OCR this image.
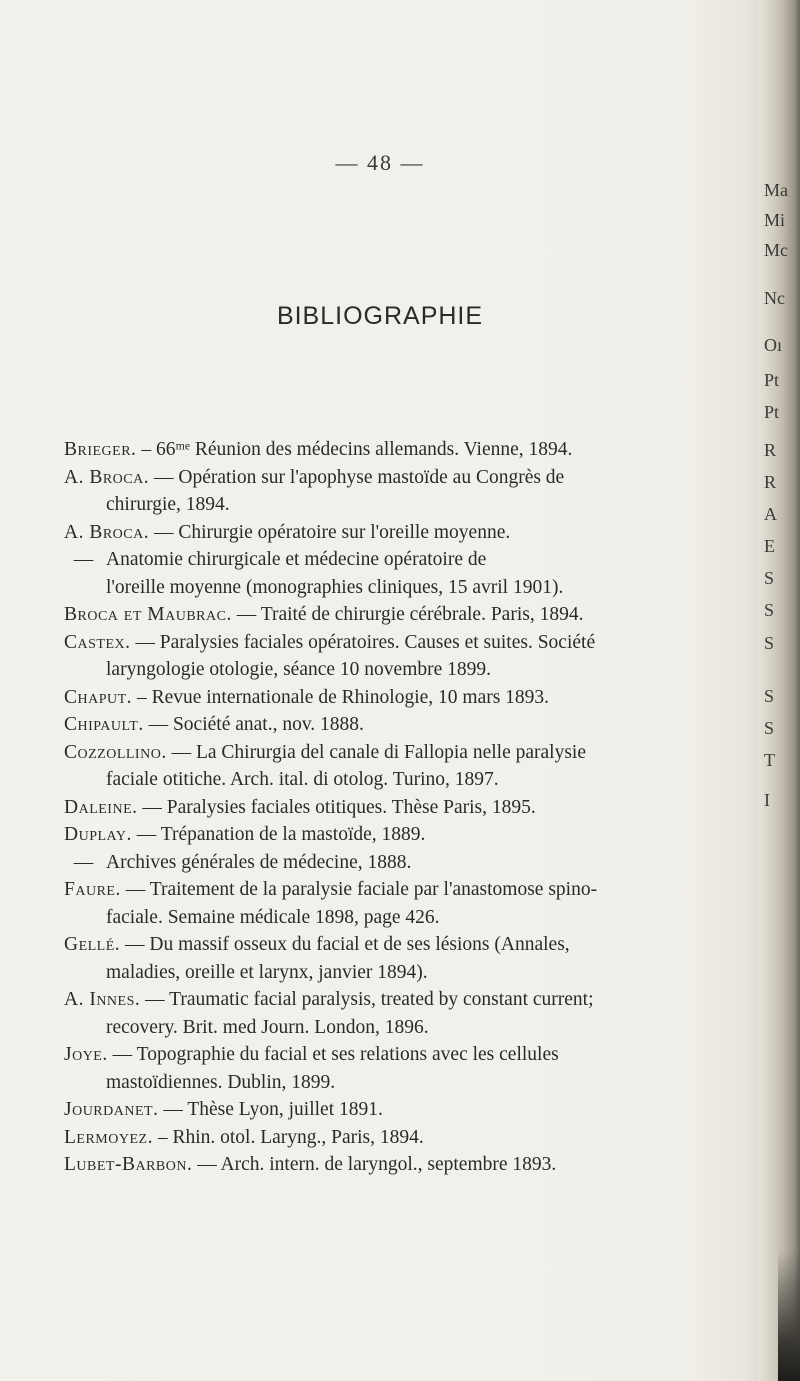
— 48 —
BIBLIOGRAPHIE
Brieger. – 66ᵐᵉ Réunion des médecins allemands. Vienne, 1894.
A. Broca. — Opération sur l'apophyse mastoïde au Congrès de
chirurgie, 1894.
A. Broca. — Chirurgie opératoire sur l'oreille moyenne.
— Anatomie chirurgicale et médecine opératoire de
l'oreille moyenne (monographies cliniques, 15 avril 1901).
Broca et Maubrac. — Traité de chirurgie cérébrale. Paris, 1894.
Castex. — Paralysies faciales opératoires. Causes et suites. Société
laryngologie otologie, séance 10 novembre 1899.
Chaput. – Revue internationale de Rhinologie, 10 mars 1893.
Chipault. — Société anat., nov. 1888.
Cozzollino. — La Chirurgia del canale di Fallopia nelle paralysie
faciale otitiche. Arch. ital. di otolog. Turino, 1897.
Daleine. — Paralysies faciales otitiques. Thèse Paris, 1895.
Duplay. — Trépanation de la mastoïde, 1889.
— Archives générales de médecine, 1888.
Faure. — Traitement de la paralysie faciale par l'anastomose spino-
faciale. Semaine médicale 1898, page 426.
Gellé. — Du massif osseux du facial et de ses lésions (Annales,
maladies, oreille et larynx, janvier 1894).
A. Innes. — Traumatic facial paralysis, treated by constant current;
recovery. Brit. med Journ. London, 1896.
Joye. — Topographie du facial et ses relations avec les cellules
mastoïdiennes. Dublin, 1899.
Jourdanet. — Thèse Lyon, juillet 1891.
Lermoyez. – Rhin. otol. Laryng., Paris, 1894.
Lubet-Barbon. — Arch. intern. de laryngol., septembre 1893.
Ma
Mi
Mc
Nc
Oı
Pt
Pt
R
R
A
E
S
S
S
S
S
T
I
